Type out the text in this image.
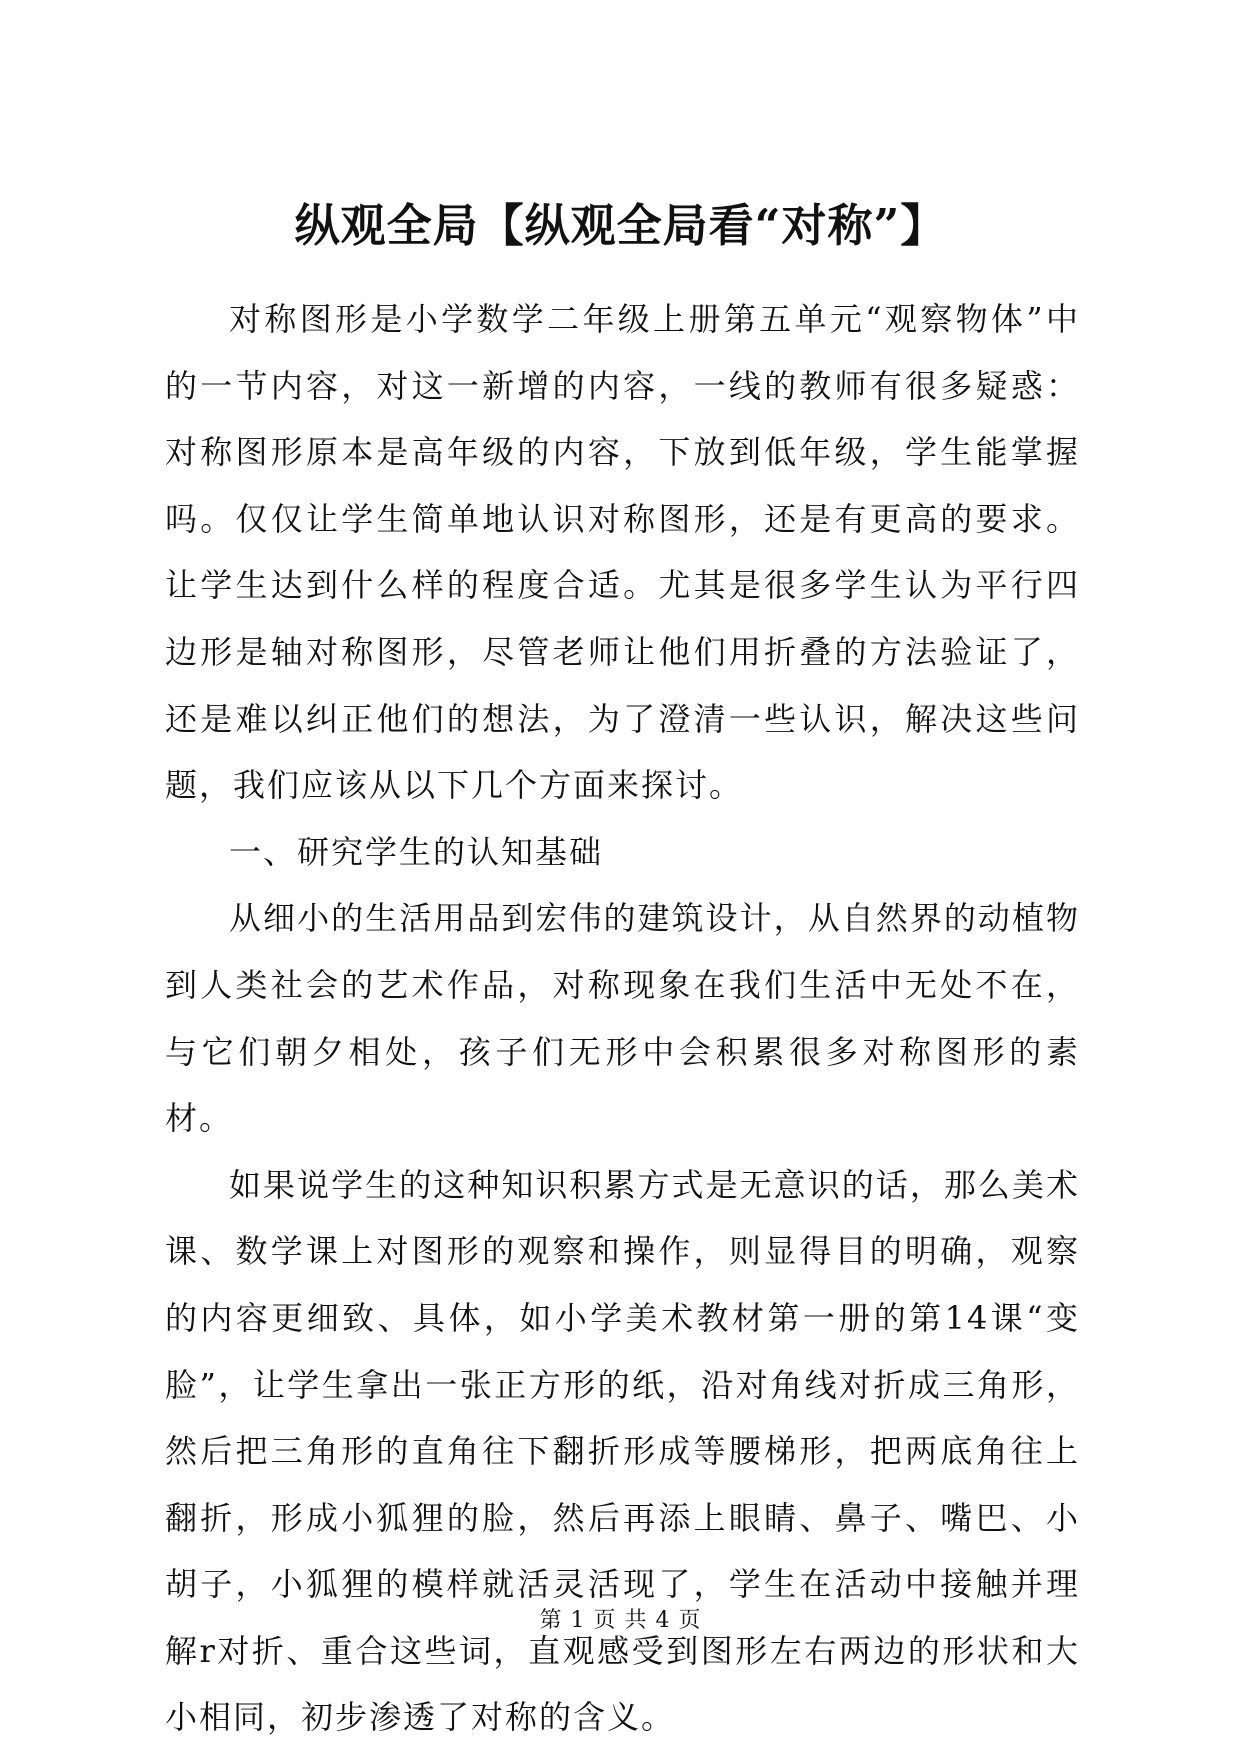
纵观全局【纵观全局看“对称”】

对称图形是小学数学二年级上册第五单元“观察物体”中的一节内容，对这一新增的内容，一线的教师有很多疑惑：对称图形原本是高年级的内容，下放到低年级，学生能掌握吗。仅仅让学生简单地认识对称图形，还是有更高的要求。让学生达到什么样的程度合适。尤其是很多学生认为平行四边形是轴对称图形，尽管老师让他们用折叠的方法验证了，还是难以纠正他们的想法，为了澄清一些认识，解决这些问题，我们应该从以下几个方面来探讨。

一、研究学生的认知基础

从细小的生活用品到宏伟的建筑设计，从自然界的动植物到人类社会的艺术作品，对称现象在我们生活中无处不在，与它们朝夕相处，孩子们无形中会积累很多对称图形的素材。

如果说学生的这种知识积累方式是无意识的话，那么美术课、数学课上对图形的观察和操作，则显得目的明确，观察的内容更细致、具体，如小学美术教材第一册的第14课“变脸”，让学生拿出一张正方形的纸，沿对角线对折成三角形，然后把三角形的直角往下翻折形成等腰梯形，把两底角往上翻折，形成小狐狸的脸，然后再添上眼睛、鼻子、嘴巴、小胡子，小狐狸的模样就活灵活现了，学生在活动中接触并理解r对折、重合这些词，直观感受到图形左右两边的形状和大小相同，初步渗透了对称的含义。

第 1 页 共 4 页
